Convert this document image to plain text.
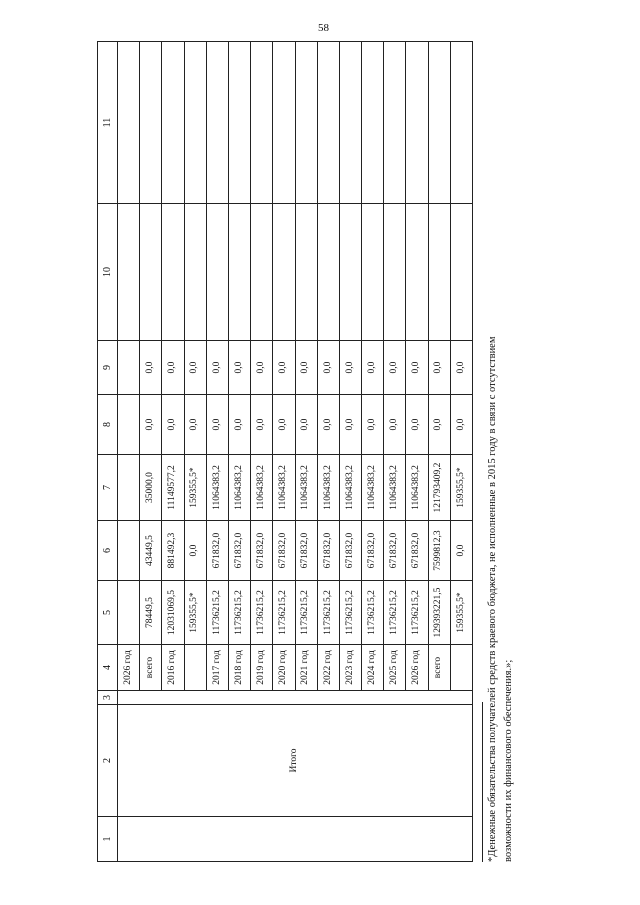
58
1	2	3	4	5	6	7	8	9	10	11
	Итого		2026 год							
			всего	78449,5	43449,5	35000,0	0,0	0,0		
			2016 год	12031069,5	881492,3	11149577,2	0,0	0,0		
				159355,5*	0,0	159355,5*	0,0	0,0		
			2017 год	11736215,2	671832,0	11064383,2	0,0	0,0		
			2018 год	11736215,2	671832,0	11064383,2	0,0	0,0		
			2019 год	11736215,2	671832,0	11064383,2	0,0	0,0		
			2020 год	11736215,2	671832,0	11064383,2	0,0	0,0		
			2021 год	11736215,2	671832,0	11064383,2	0,0	0,0		
			2022 год	11736215,2	671832,0	11064383,2	0,0	0,0		
			2023 год	11736215,2	671832,0	11064383,2	0,0	0,0		
			2024 год	11736215,2	671832,0	11064383,2	0,0	0,0		
			2025 год	11736215,2	671832,0	11064383,2	0,0	0,0		
			2026 год	11736215,2	671832,0	11064383,2	0,0	0,0		
			всего	129393221,5	7599812,3	121793409,2	0,0	0,0		
				159355,5*	0,0	159355,5*	0,0	0,0		*Денежные обязательства получателей средств краевого бюджета, не исполненные в 2015 году в связи с отсутствием возможности их финансового обеспечения.»;
